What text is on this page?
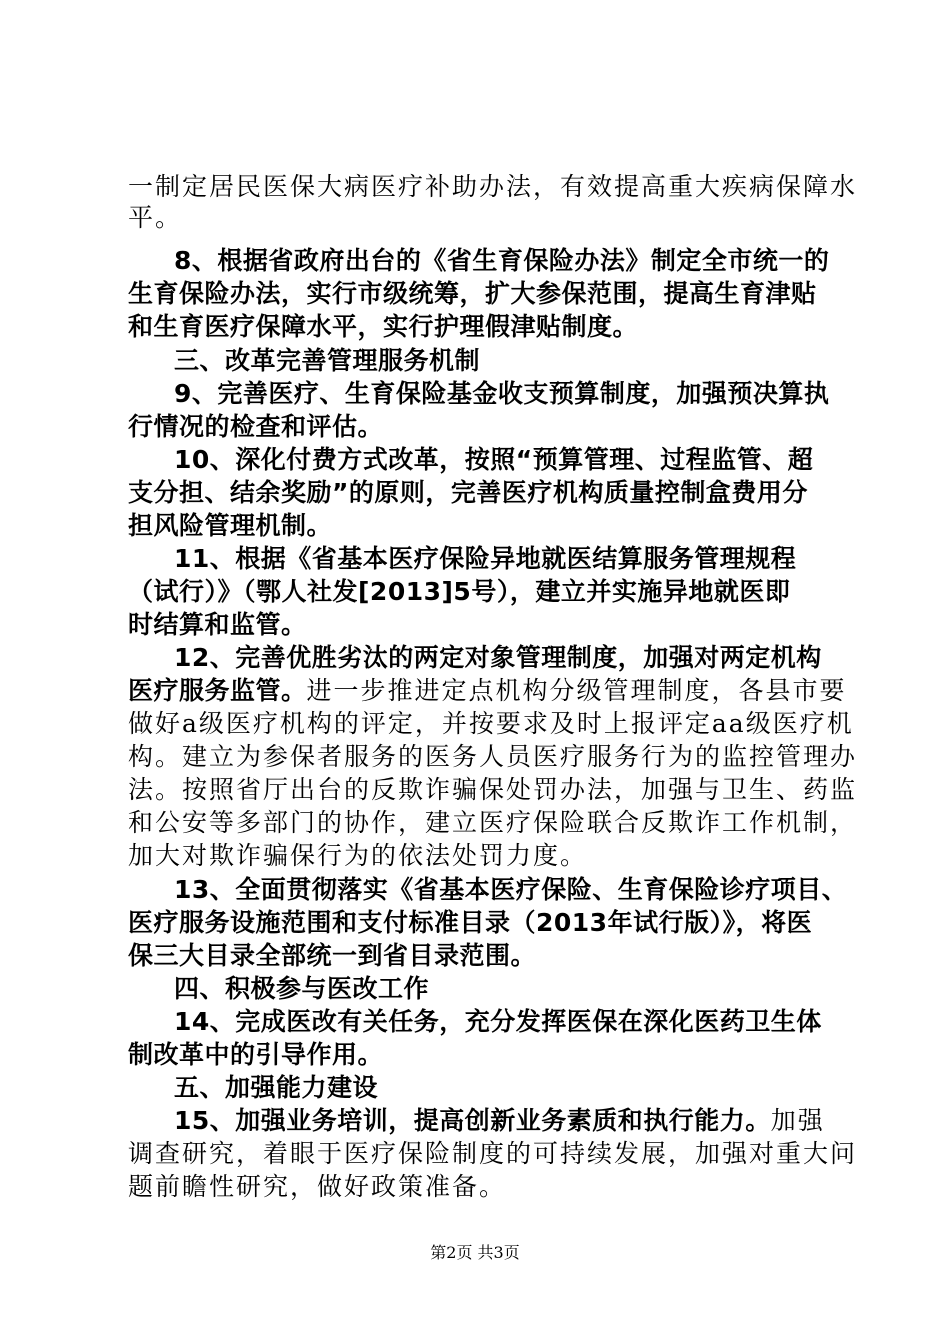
一制定居民医保大病医疗补助办法，有效提高重大疾病保障水
平。
8、根据省政府出台的《省生育保险办法》制定全市统一的
生育保险办法，实行市级统筹，扩大参保范围，提高生育津贴
和生育医疗保障水平，实行护理假津贴制度。
三、改革完善管理服务机制
9、完善医疗、生育保险基金收支预算制度，加强预决算执
行情况的检查和评估。
10、深化付费方式改革，按照“预算管理、过程监管、超
支分担、结余奖励”的原则，完善医疗机构质量控制盒费用分
担风险管理机制。
11、根据《省基本医疗保险异地就医结算服务管理规程
（试行）》（鄂人社发[2013]5号），建立并实施异地就医即
时结算和监管。
12、完善优胜劣汰的两定对象管理制度，加强对两定机构
医疗服务监管。进一步推进定点机构分级管理制度，各县市要
做好a级医疗机构的评定，并按要求及时上报评定aa级医疗机
构。建立为参保者服务的医务人员医疗服务行为的监控管理办
法。按照省厅出台的反欺诈骗保处罚办法，加强与卫生、药监
和公安等多部门的协作，建立医疗保险联合反欺诈工作机制，
加大对欺诈骗保行为的依法处罚力度。
13、全面贯彻落实《省基本医疗保险、生育保险诊疗项目、
医疗服务设施范围和支付标准目录（2013年试行版）》，将医
保三大目录全部统一到省目录范围。
四、积极参与医改工作
14、完成医改有关任务，充分发挥医保在深化医药卫生体
制改革中的引导作用。
五、加强能力建设
15、加强业务培训，提高创新业务素质和执行能力。加强
调查研究，着眼于医疗保险制度的可持续发展，加强对重大问
题前瞻性研究，做好政策准备。
第2页 共3页
